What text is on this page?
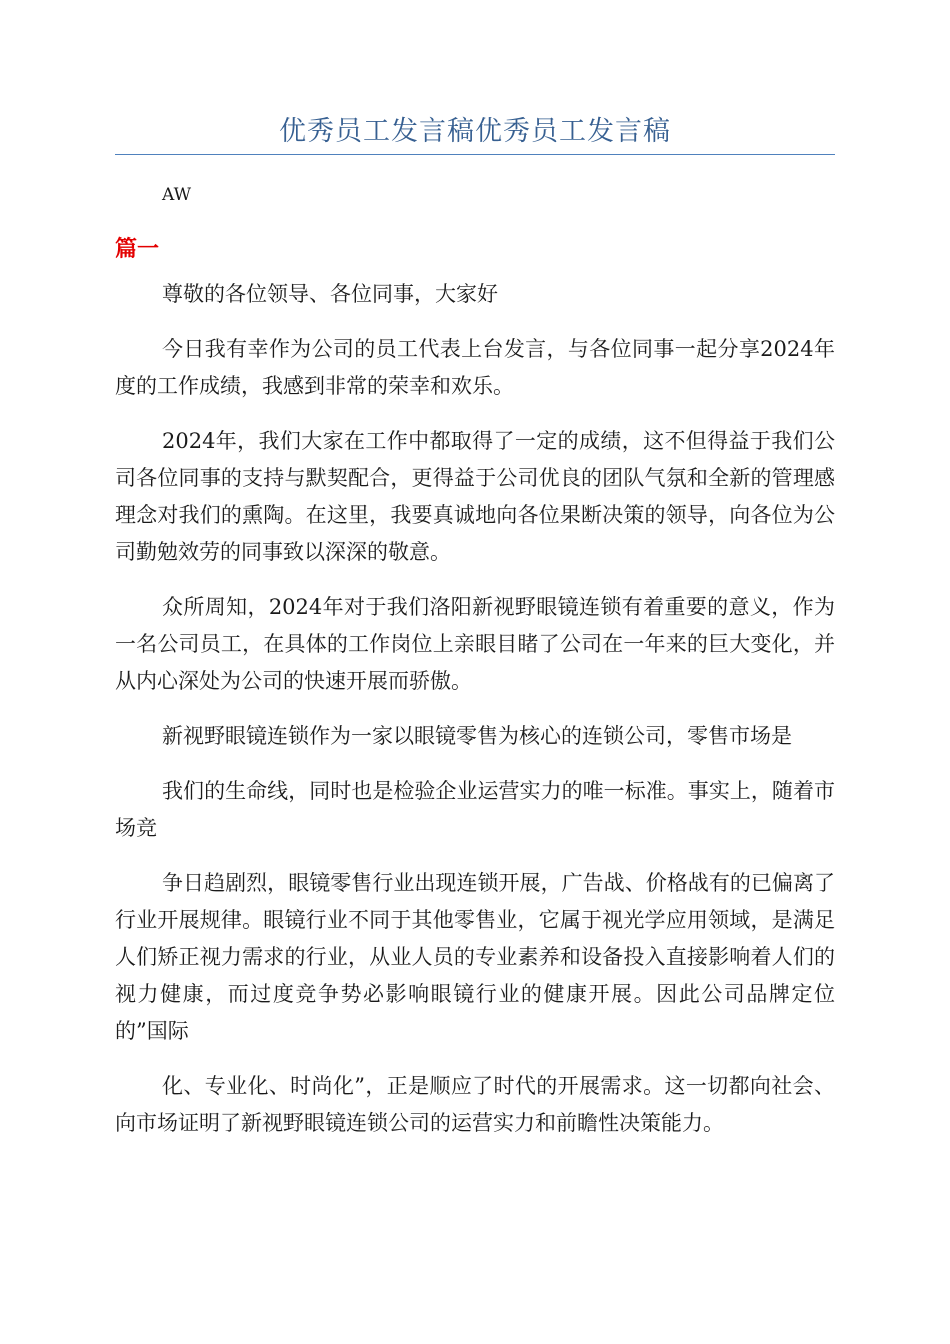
优秀员工发言稿优秀员工发言稿

AW

篇一

尊敬的各位领导、各位同事，大家好

今日我有幸作为公司的员工代表上台发言，与各位同事一起分享2024年度的工作成绩，我感到非常的荣幸和欢乐。

2024年，我们大家在工作中都取得了一定的成绩，这不但得益于我们公司各位同事的支持与默契配合，更得益于公司优良的团队气氛和全新的管理感理念对我们的熏陶。在这里，我要真诚地向各位果断决策的领导，向各位为公司勤勉效劳的同事致以深深的敬意。

众所周知，2024年对于我们洛阳新视野眼镜连锁有着重要的意义，作为一名公司员工，在具体的工作岗位上亲眼目睹了公司在一年来的巨大变化，并从内心深处为公司的快速开展而骄傲。

新视野眼镜连锁作为一家以眼镜零售为核心的连锁公司，零售市场是

我们的生命线，同时也是检验企业运营实力的唯一标准。事实上，随着市场竞

争日趋剧烈，眼镜零售行业出现连锁开展，广告战、价格战有的已偏离了行业开展规律。眼镜行业不同于其他零售业，它属于视光学应用领域，是满足人们矫正视力需求的行业，从业人员的专业素养和设备投入直接影响着人们的视力健康，而过度竞争势必影响眼镜行业的健康开展。因此公司品牌定位的”国际

化、专业化、时尚化”，正是顺应了时代的开展需求。这一切都向社会、向市场证明了新视野眼镜连锁公司的运营实力和前瞻性决策能力。
